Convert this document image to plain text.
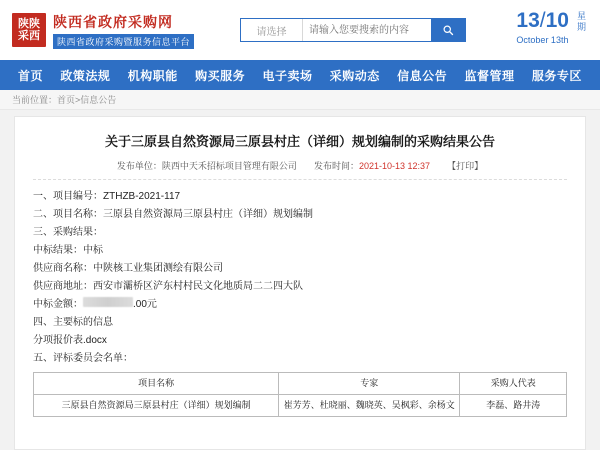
陕陕
采西
陕西省政府采购网
陕西省政府采购暨服务信息平台
请选择
请输入您要搜索的内容	13/10
October 13th
星
期
首页 政策法规 机构职能 购买服务 电子卖场 采购动态 信息公告 监督管理 服务专区
当前位置： 首页 > 信息公告
关于三原县自然资源局三原县村庄（详细）规划编制的采购结果公告
发布单位：陕西中天禾招标项目管理有限公司 发布时间：2021-10-13 12:37 【打印】

一、项目编号：ZTHZB-2021-117

二、项目名称：三原县自然资源局三原县村庄（详细）规划编制

三、采购结果：

中标结果：中标

供应商名称：中陕核工业集团测绘有限公司

供应商地址：西安市灞桥区浐东村村民文化地质局二二四大队

中标金额：	.00元

四、主要标的信息

分项报价表.docx

五、评标委员会名单：

项目名称	专家	采购人代表
三原县自然资源局三原县村庄（详细）规划编制	崔芳芳、杜晓丽、魏晓英、吴枫彩、余杨文	李磊、路井涛
